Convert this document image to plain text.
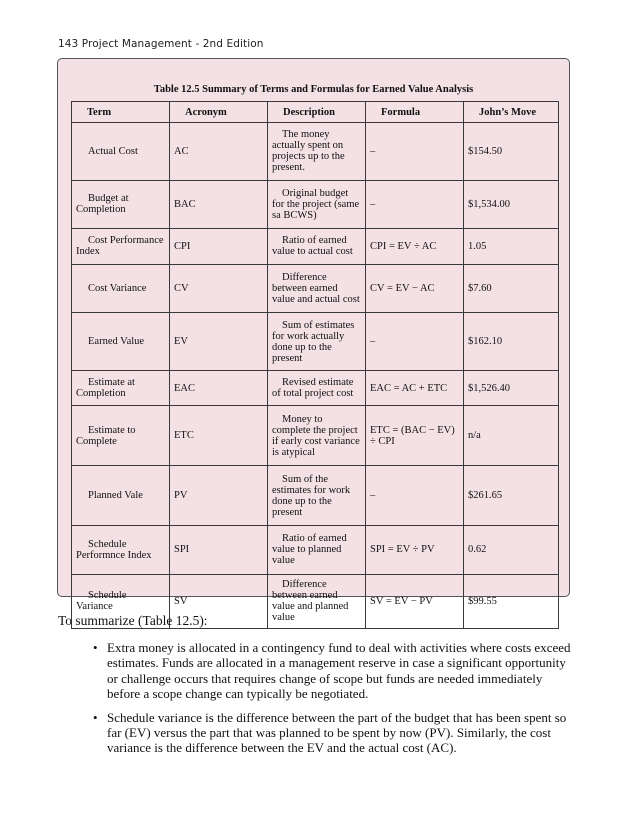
143 Project Management - 2nd Edition
Table 12.5 Summary of Terms and Formulas for Earned Value Analysis
Term	Acronym	Description	Formula	John’s Move
Actual Cost	AC	The money actually spent on projects up to the present.	–	$154.50
Budget at Completion	BAC	Original budget for the project (same sa BCWS)	–	$1,534.00
Cost Performance Index	CPI	Ratio of earned value to actual cost	CPI = EV ÷ AC	1.05
Cost Variance	CV	Difference between earned value and actual cost	CV = EV − AC	$7.60
Earned Value	EV	Sum of estimates for work actually done up to the present	–	$162.10
Estimate at Completion	EAC	Revised estimate of total project cost	EAC = AC + ETC	$1,526.40
Estimate to Complete	ETC	Money to complete the project if early cost variance is atypical	ETC = (BAC − EV) ÷ CPI	n/a
Planned Vale	PV	Sum of the estimates for work done up to the present	–	$261.65
Schedule Performnce Index	SPI	Ratio of earned value to planned value	SPI = EV ÷ PV	0.62
Schedule Variance	SV	Difference between earned value and planned value	SV = EV − PV	$99.55
To summarize (Table 12.5):
• Extra money is allocated in a contingency fund to deal with activities where costs exceed estimates. Funds are allocated in a management reserve in case a significant opportunity or challenge occurs that requires change of scope but funds are needed immediately before a scope change can typically be negotiated.
• Schedule variance is the difference between the part of the budget that has been spent so far (EV) versus the part that was planned to be spent by now (PV). Similarly, the cost variance is the difference between the EV and the actual cost (AC).
